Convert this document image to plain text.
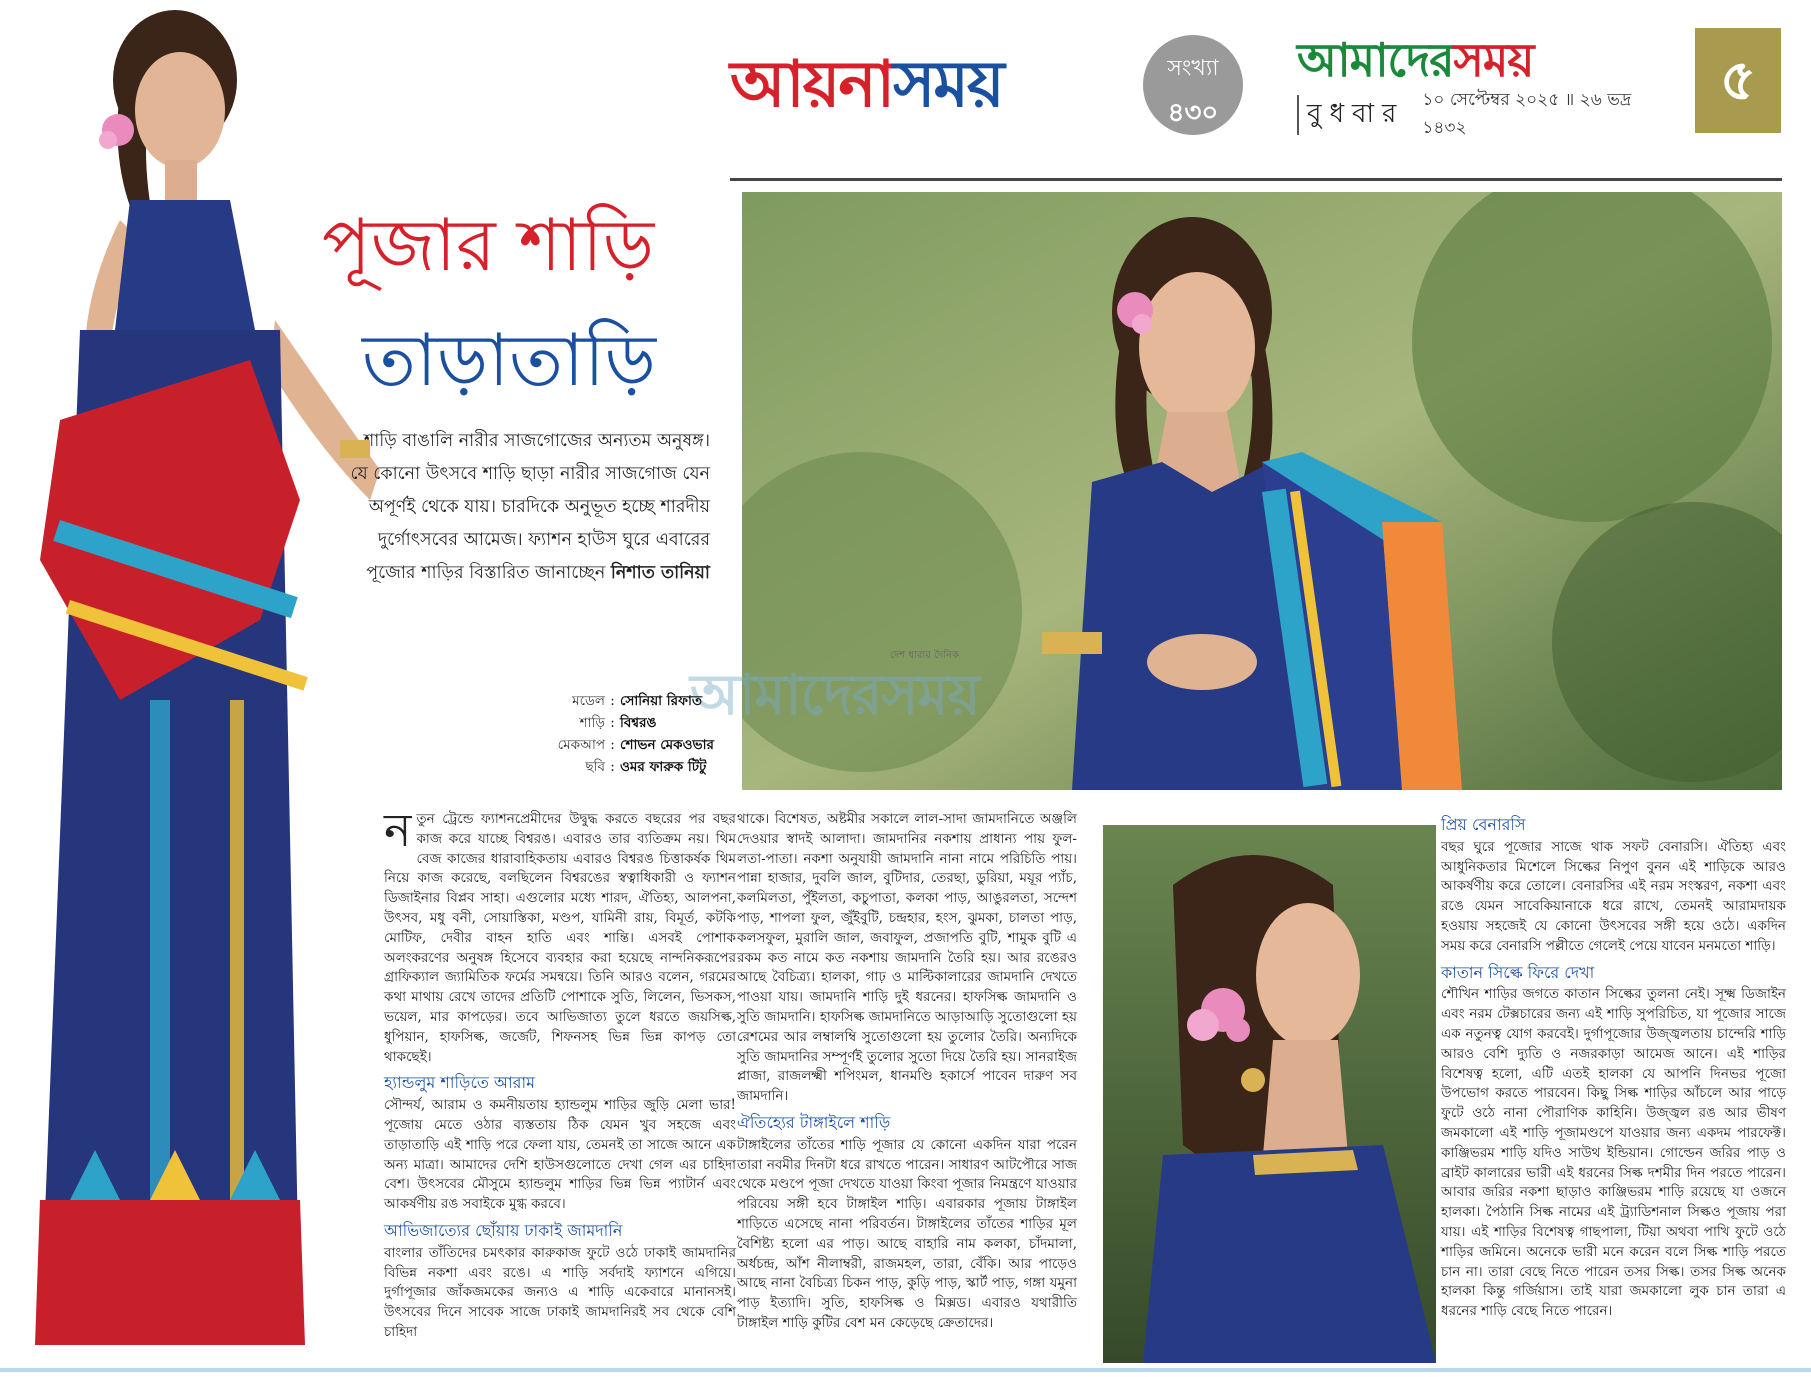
আয়নাসময়	সংখ্যা
৪৩০
আমাদেরসময়
বুধবার ১০ সেপ্টেম্বর ২০২৫ ॥ ২৬ ভদ্র ১৪৩২
৫
পূজার শাড়ি
তাড়াতাড়ি
শাড়ি বাঙালি নারীর সাজগোজের অন্যতম অনুষঙ্গ। যে কোনো উৎসবে শাড়ি ছাড়া নারীর সাজগোজ যেন অপূর্ণই থেকে যায়। চারদিকে অনুভূত হচ্ছে শারদীয় দুর্গোৎসবের আমেজ। ফ্যাশন হাউস ঘুরে এবারের পূজোর শাড়ির বিস্তারিত জানাচ্ছেন নিশাত তানিয়া
দেশ ধারার দৈনিক
আমাদেরসময়
মডেল : সোনিয়া রিফাত
শাড়ি : বিশ্বরঙ
মেকআপ : শোভন মেকওভার
ছবি : ওমর ফারুক টিটু

নতুন ট্রেন্ডে ফ্যাশনপ্রেমীদের উদ্বুদ্ধ করতে বছরের পর বছর কাজ করে যাচ্ছে বিশ্বরঙ। এবারও তার ব্যতিক্রম নয়। থিম বেজ কাজের ধারাবাহিকতায় এবারও বিশ্বরঙ চিত্তাকর্ষক থিম নিয়ে কাজ করেছে, বলছিলেন বিশ্বরঙের স্বত্বাধিকারী ও ফ্যাশন ডিজাইনার বিপ্লব সাহা। এগুলোর মধ্যে শারদ, ঐতিহ্য, আলপনা, উৎসব, মধু বনী, সোয়াস্তিকা, মণ্ডপ, যামিনী রায়, বিমূর্ত, কটকি মোটিফ, দেবীর বাহন হাতি এবং শান্তি। এসবই পোশাক অলংকরণের অনুষঙ্গ হিসেবে ব্যবহার করা হয়েছে নান্দনিকরূপের গ্রাফিক্যাল জ্যামিতিক ফর্মের সমন্বয়ে। তিনি আরও বলেন, গরমের কথা মাথায় রেখে তাদের প্রতিটি পোশাকে সুতি, লিলেন, ভিসকস, ভয়েল, মার কাপড়ের। তবে আভিজাত্য তুলে ধরতে জয়সিল্ক, ধুপিয়ান, হাফসিল্ক, জর্জেট, শিফনসহ ভিন্ন ভিন্ন কাপড় তো থাকছেই।

হ্যান্ডলুম শাড়িতে আরাম

সৌন্দর্য, আরাম ও কমনীয়তায় হ্যান্ডলুম শাড়ির জুড়ি মেলা ভার! পূজোয় মেতে ওঠার ব্যস্ততায় ঠিক যেমন খুব সহজে এবং তাড়াতাড়ি এই শাড়ি পরে ফেলা যায়, তেমনই তা সাজে আনে এক অন্য মাত্রা। আমাদের দেশি হাউসগুলোতে দেখা গেল এর চাহিদা বেশ। উৎসবের মৌসুমে হ্যান্ডলুম শাড়ির ভিন্ন ভিন্ন প্যাটার্ন এবং আকর্ষণীয় রঙ সবাইকে মুগ্ধ করবে।

আভিজাত্যের ছোঁয়ায় ঢাকাই জামদানি

বাংলার তাঁতিদের চমৎকার কারুকাজ ফুটে ওঠে ঢাকাই জামদানির বিভিন্ন নকশা এবং রঙে। এ শাড়ি সর্বদাই ফ্যাশনে এগিয়ে। দুর্গাপূজার জাঁকজমকের জন্যও এ শাড়ি একেবারে মানানসই। উৎসবের দিনে সাবেক সাজে ঢাকাই জামদানিরই সব থেকে বেশি চাহিদা

থাকে। বিশেষত, অষ্টমীর সকালে লাল-সাদা জামদানিতে অঞ্জলি দেওয়ার স্বাদই আলাদা। জামদানির নকশায় প্রাধান্য পায় ফুল-লতা-পাতা। নকশা অনুযায়ী জামদানি নানা নামে পরিচিতি পায়। পান্না হাজার, দুবলি জাল, বুটিদার, তেরছা, ডুরিয়া, ময়ূর প্যাঁচ, কলমিলতা, পুঁইলতা, কচুপাতা, কলকা পাড়, আঙুরলতা, সন্দেশ পাড়, শাপলা ফুল, জুঁইবুটি, চন্দ্রহার, হংস, ঝুমকা, চালতা পাড়, কলসফুল, মুরালি জাল, জবাফুল, প্রজাপতি বুটি, শামুক বুটি এ রকম কত নামে কত নকশায় জামদানি তৈরি হয়। আর রঙেরও আছে বৈচিত্র্য। হালকা, গাঢ় ও মাল্টিকালারের জামদানি দেখতে পাওয়া যায়। জামদানি শাড়ি দুই ধরনের। হাফসিল্ক জামদানি ও সুতি জামদানি। হাফসিল্ক জামদানিতে আড়াআড়ি সুতোগুলো হয় রেশমের আর লম্বালম্বি সুতোগুলো হয় তুলোর তৈরি। অন্যদিকে সুতি জামদানির সম্পূর্ণই তুলোর সুতো দিয়ে তৈরি হয়। সানরাইজ প্লাজা, রাজলক্ষ্মী শপিংমল, ধানমণ্ডি হকার্সে পাবেন দারুণ সব জামদানি।

ঐতিহ্যের টাঙ্গাইলে শাড়ি

টাঙ্গাইলের তাঁতের শাড়ি পূজার যে কোনো একদিন যারা পরেন তারা নবমীর দিনটা ধরে রাখতে পারেন। সাধারণ আটপৌরে সাজ থেকে মণ্ডপে পূজা দেখতে যাওয়া কিংবা পূজার নিমন্ত্রণে যাওয়ার পরিবেয় সঙ্গী হবে টাঙ্গাইল শাড়ি। এবারকার পূজায় টাঙ্গাইল শাড়িতে এসেছে নানা পরিবর্তন। টাঙ্গাইলের তাঁতের শাড়ির মূল বৈশিষ্ট্য হলো এর পাড়। আছে বাহারি নাম কলকা, চাঁদমালা, অর্ধচন্দ্র, আঁশ নীলাম্বরী, রাজমহল, তারা, বেঁকি। আর পাড়েও আছে নানা বৈচিত্র্য চিকন পাড়, কুড়ি পাড়, স্কার্ট পাড়, গঙ্গা যমুনা পাড় ইত্যাদি। সুতি, হাফসিল্ক ও মিক্সড। এবারও যথারীতি টাঙ্গাইল শাড়ি কুটির বেশ মন কেড়েছে ক্রেতাদের।

প্রিয় বেনারসি

বছর ঘুরে পূজোর সাজে থাক সফট বেনারসি। ঐতিহ্য এবং আধুনিকতার মিশেলে সিল্কের নিপুণ বুনন এই শাড়িকে আরও আকর্ষণীয় করে তোলে। বেনারসির এই নরম সংস্করণ, নকশা এবং রঙে যেমন সাবেকিয়ানাকে ধরে রাখে, তেমনই আরামদায়ক হওয়ায় সহজেই যে কোনো উৎসবের সঙ্গী হয়ে ওঠে। একদিন সময় করে বেনারসি পল্লীতে গেলেই পেয়ে যাবেন মনমতো শাড়ি।

কাতান সিল্কে ফিরে দেখা

শৌখিন শাড়ির জগতে কাতান সিল্কের তুলনা নেই। সূক্ষ্ম ডিজাইন এবং নরম টেক্সচারের জন্য এই শাড়ি সুপরিচিত, যা পূজোর সাজে এক নতুনত্ব যোগ করবেই। দুর্গাপূজোর উজ্জ্বলতায় চান্দেরি শাড়ি আরও বেশি দ্যুতি ও নজরকাড়া আমেজ আনে। এই শাড়ির বিশেষত্ব হলো, এটি এতই হালকা যে আপনি দিনভর পূজো উপভোগ করতে পারবেন। কিছু সিল্ক শাড়ির আঁচলে আর পাড়ে ফুটে ওঠে নানা পৌরাণিক কাহিনি। উজ্জ্বল রঙ আর ভীষণ জমকালো এই শাড়ি পূজামণ্ডপে যাওয়ার জন্য একদম পারফেক্ট। কাঞ্জিভরম শাড়ি যদিও সাউথ ইন্ডিয়ান। গোল্ডেন জরির পাড় ও ব্রাইট কালারের ভারী এই ধরনের সিল্ক দশমীর দিন পরতে পারেন। আবার জরির নকশা ছাড়াও কাঞ্জিভরম শাড়ি রয়েছে যা ওজনে হালকা। পৈঠানি সিল্ক নামের এই ট্র্যাডিশনাল সিল্কও পূজায় পরা যায়। এই শাড়ির বিশেষত্ব গাছপালা, টিয়া অথবা পাখি ফুটে ওঠে শাড়ির জমিনে। অনেকে ভারী মনে করেন বলে সিল্ক শাড়ি পরতে চান না। তারা বেছে নিতে পারেন তসর সিল্ক। তসর সিল্ক অনেক হালকা কিন্তু গর্জিয়াস। তাই যারা জমকালো লুক চান তারা এ ধরনের শাড়ি বেছে নিতে পারেন।
